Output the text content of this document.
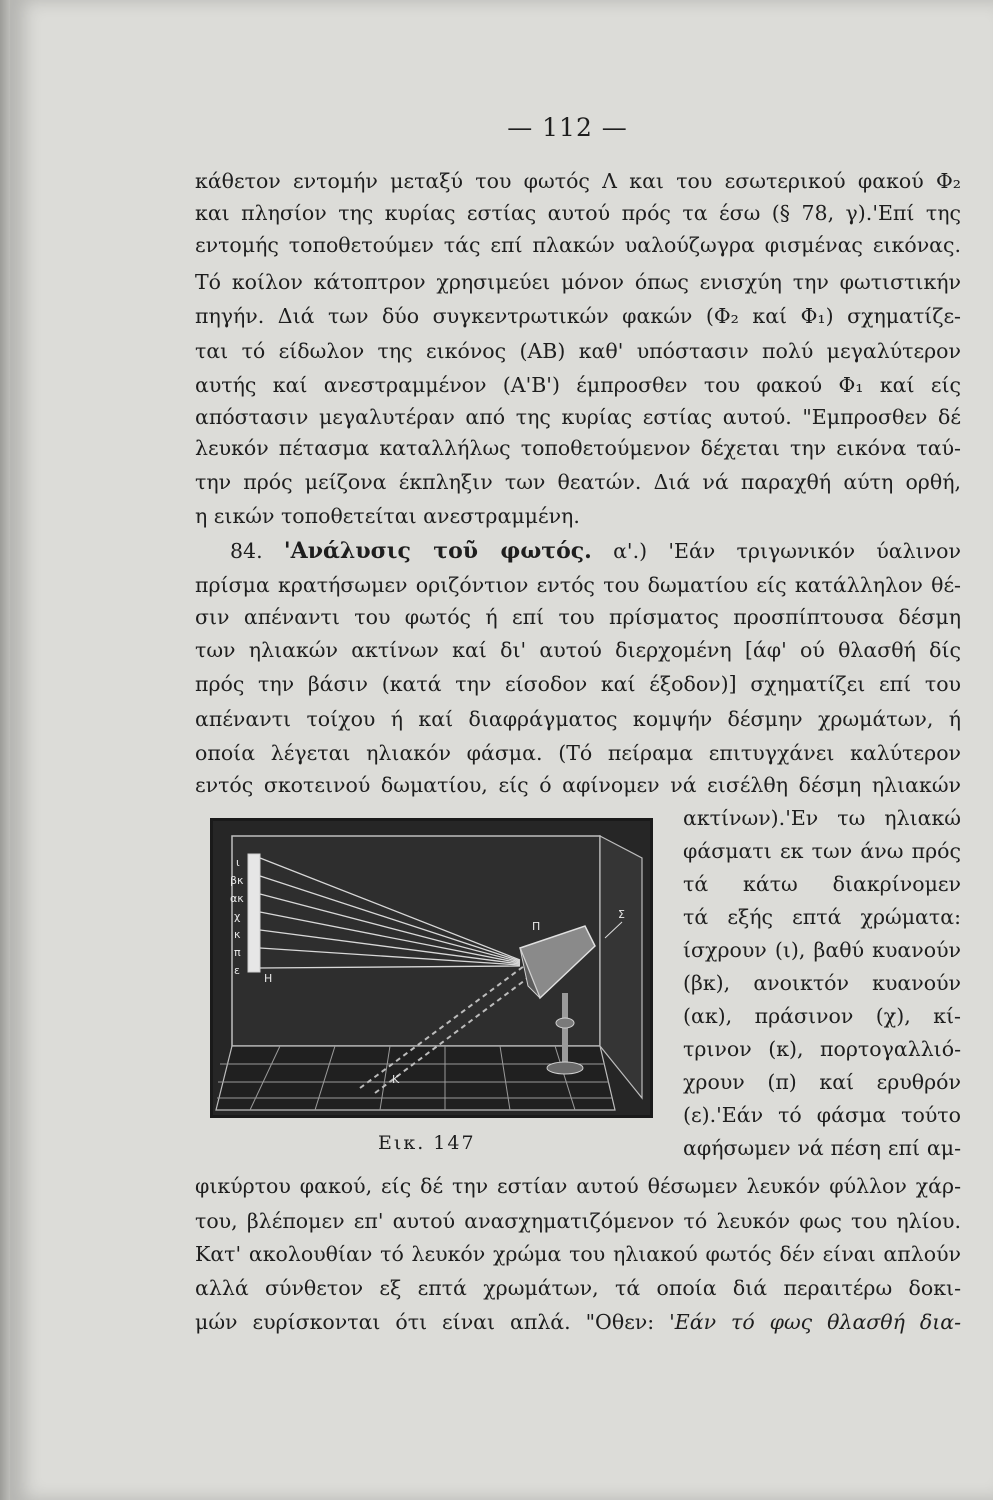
— 112 —
κάθετον εντομήν μεταξύ του φωτός Λ και του εσωτερικού φακού Φ₂
και πλησίον της κυρίας εστίας αυτού πρός τα έσω (§ 78, γ).'Επί της
εντομής τοποθετούμεν τάς επί πλακών υαλούζωγρα φισμένας εικόνας.
Τό κοίλον κάτοπτρον χρησιμεύει μόνον όπως ενισχύη την φωτιστικήν
πηγήν. Διά των δύο συγκεντρωτικών φακών (Φ₂ καί Φ₁) σχηματίζε-
ται τό είδωλον της εικόνος (ΑΒ) καθ' υπόστασιν πολύ μεγαλύτερον
αυτής καί ανεστραμμένον (Α'Β') έμπροσθεν του φακού Φ₁ καί είς
απόστασιν μεγαλυτέραν από της κυρίας εστίας αυτού. "Εμπροσθεν δέ
λευκόν πέτασμα καταλλήλως τοποθετούμενον δέχεται την εικόνα ταύ-
την πρός μείζονα έκπληξιν των θεατών. Διά νά παραχθή αύτη ορθή,
η εικών τοποθετείται ανεστραμμένη.
84. 'Ανάλυσις τοῦ φωτός. α'.) 'Εάν τριγωνικόν ύαλινον
πρίσμα κρατήσωμεν οριζόντιον εντός του δωματίου είς κατάλληλον θέ-
σιν απέναντι του φωτός ή επί του πρίσματος προσπίπτουσα δέσμη
των ηλιακών ακτίνων καί δι' αυτού διερχομένη [άφ' ού θλασθή δίς
πρός την βάσιν (κατά την είσοδον καί έξοδον)] σχηματίζει επί του
απέναντι τοίχου ή καί διαφράγματος κομψήν δέσμην χρωμάτων, ή
οποία λέγεται ηλιακόν φάσμα. (Τό πείραμα επιτυγχάνει καλύτερον
εντός σκοτεινού δωματίου, είς ό αφίνομεν νά εισέλθη δέσμη ηλιακών
ακτίνων).'Εν τω ηλιακώ
φάσματι εκ των άνω πρός
τά κάτω διακρίνομεν
τά εξής επτά χρώματα:
ίσχρουν (ι), βαθύ κυανούν
(βκ), ανοικτόν κυανούν
(ακ), πράσινον (χ), κί-
τρινον (κ), πορτογαλλιό-
χρουν (π) καί ερυθρόν
(ε).'Εάν τό φάσμα τούτο
αφήσωμεν νά πέση επί αμ-
ι
βκ
ακ
χ
κ
π
ε
Η
Κ
Π
Σ
Εικ. 147
φικύρτου φακού, είς δέ την εστίαν αυτού θέσωμεν λευκόν φύλλον χάρ-
του, βλέπομεν επ' αυτού ανασχηματιζόμενον τό λευκόν φως του ηλίου.
Κατ' ακολουθίαν τό λευκόν χρώμα του ηλιακού φωτός δέν είναι απλούν
αλλά σύνθετον εξ επτά χρωμάτων, τά οποία διά περαιτέρω δοκι-
μών ευρίσκονται ότι είναι απλά. "Οθεν: 'Εάν τό φως θλασθή δια-
